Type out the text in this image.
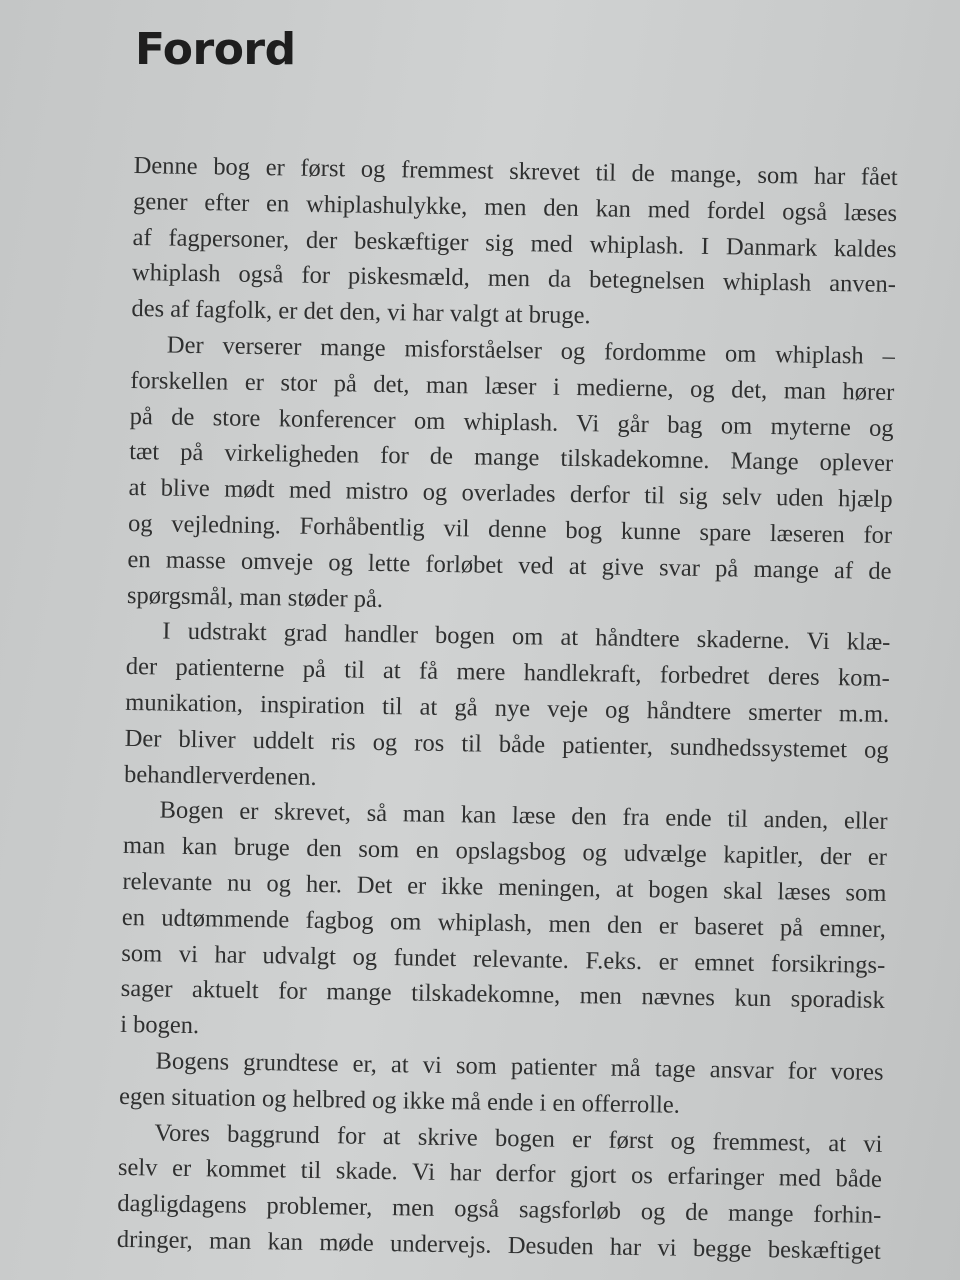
Forord
Denne bog er først og fremmest skrevet til de mange, som har fået
gener efter en whiplashulykke, men den kan med fordel også læses
af fagpersoner, der beskæftiger sig med whiplash. I Danmark kaldes
whiplash også for piskesmæld, men da betegnelsen whiplash anven-
des af fagfolk, er det den, vi har valgt at bruge.
Der verserer mange misforståelser og fordomme om whiplash –
forskellen er stor på det, man læser i medierne, og det, man hører
på de store konferencer om whiplash. Vi går bag om myterne og
tæt på virkeligheden for de mange tilskadekomne. Mange oplever
at blive mødt med mistro og overlades derfor til sig selv uden hjælp
og vejledning. Forhåbentlig vil denne bog kunne spare læseren for
en masse omveje og lette forløbet ved at give svar på mange af de
spørgsmål, man støder på.
I udstrakt grad handler bogen om at håndtere skaderne. Vi klæ-
der patienterne på til at få mere handlekraft, forbedret deres kom-
munikation, inspiration til at gå nye veje og håndtere smerter m.m.
Der bliver uddelt ris og ros til både patienter, sundhedssystemet og
behandlerverdenen.
Bogen er skrevet, så man kan læse den fra ende til anden, eller
man kan bruge den som en opslagsbog og udvælge kapitler, der er
relevante nu og her. Det er ikke meningen, at bogen skal læses som
en udtømmende fagbog om whiplash, men den er baseret på emner,
som vi har udvalgt og fundet relevante. F.eks. er emnet forsikrings-
sager aktuelt for mange tilskadekomne, men nævnes kun sporadisk
i bogen.
Bogens grundtese er, at vi som patienter må tage ansvar for vores
egen situation og helbred og ikke må ende i en offerrolle.
Vores baggrund for at skrive bogen er først og fremmest, at vi
selv er kommet til skade. Vi har derfor gjort os erfaringer med både
dagligdagens problemer, men også sagsforløb og de mange forhin-
dringer, man kan møde undervejs. Desuden har vi begge beskæftiget
